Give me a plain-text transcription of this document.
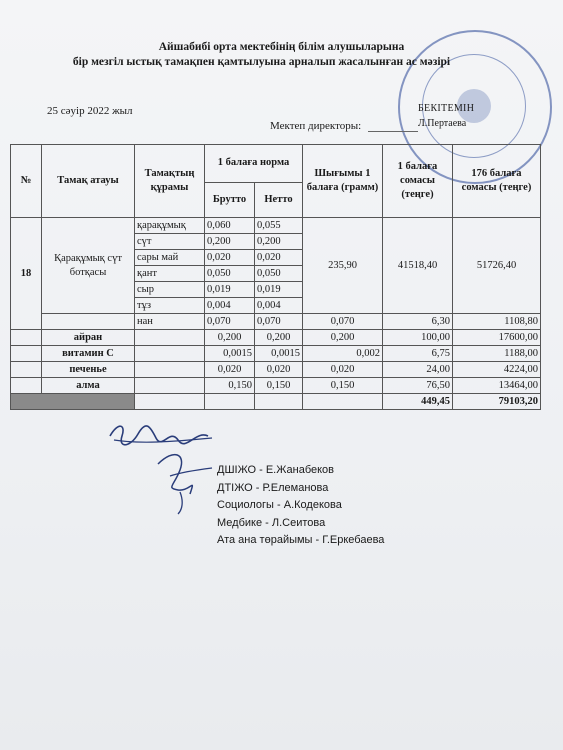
Айшабибі орта мектебінің білім алушыларына
бір мезгіл ыстық тамақпен қамтылуына арналып жасалынған ас мәзірі
25 сәуір 2022 жыл	БЕКІТЕМІН
Мектеп директоры:	Л.Пертаева
№	Тамақ атауы	Тамақтың құрамы	1 балаға норма		Шығымы 1 балаға (грамм)	1 балаға сомасы (теңге)	176 балаға сомасы (теңге)
			Брутто	Нетто			
18	Қарақұмық сүт ботқасы	қарақұмық	0,060	0,055	235,90	41518,40	51726,40
		сүт	0,200	0,200			
		сары май	0,020	0,020			
		қант	0,050	0,050			
		сыр	0,019	0,019			
		тұз	0,004	0,004			
		нан	0,070	0,070	0,070	6,30	1108,80
	айран		0,200	0,200	0,200	100,00	17600,00
	витамин С		0,0015	0,0015	0,002	6,75	1188,00
	печенье		0,020	0,020	0,020	24,00	4224,00
	алма		0,150	0,150	0,150	76,50	13464,00
						449,45	79103,20
ДШІЖО - Е.Жанабеков
ДТІЖО - Р.Елеманова
Социологы - А.Кодекова
Медбике - Л.Сеитова
Ата ана төрайымы - Г.Еркебаева
